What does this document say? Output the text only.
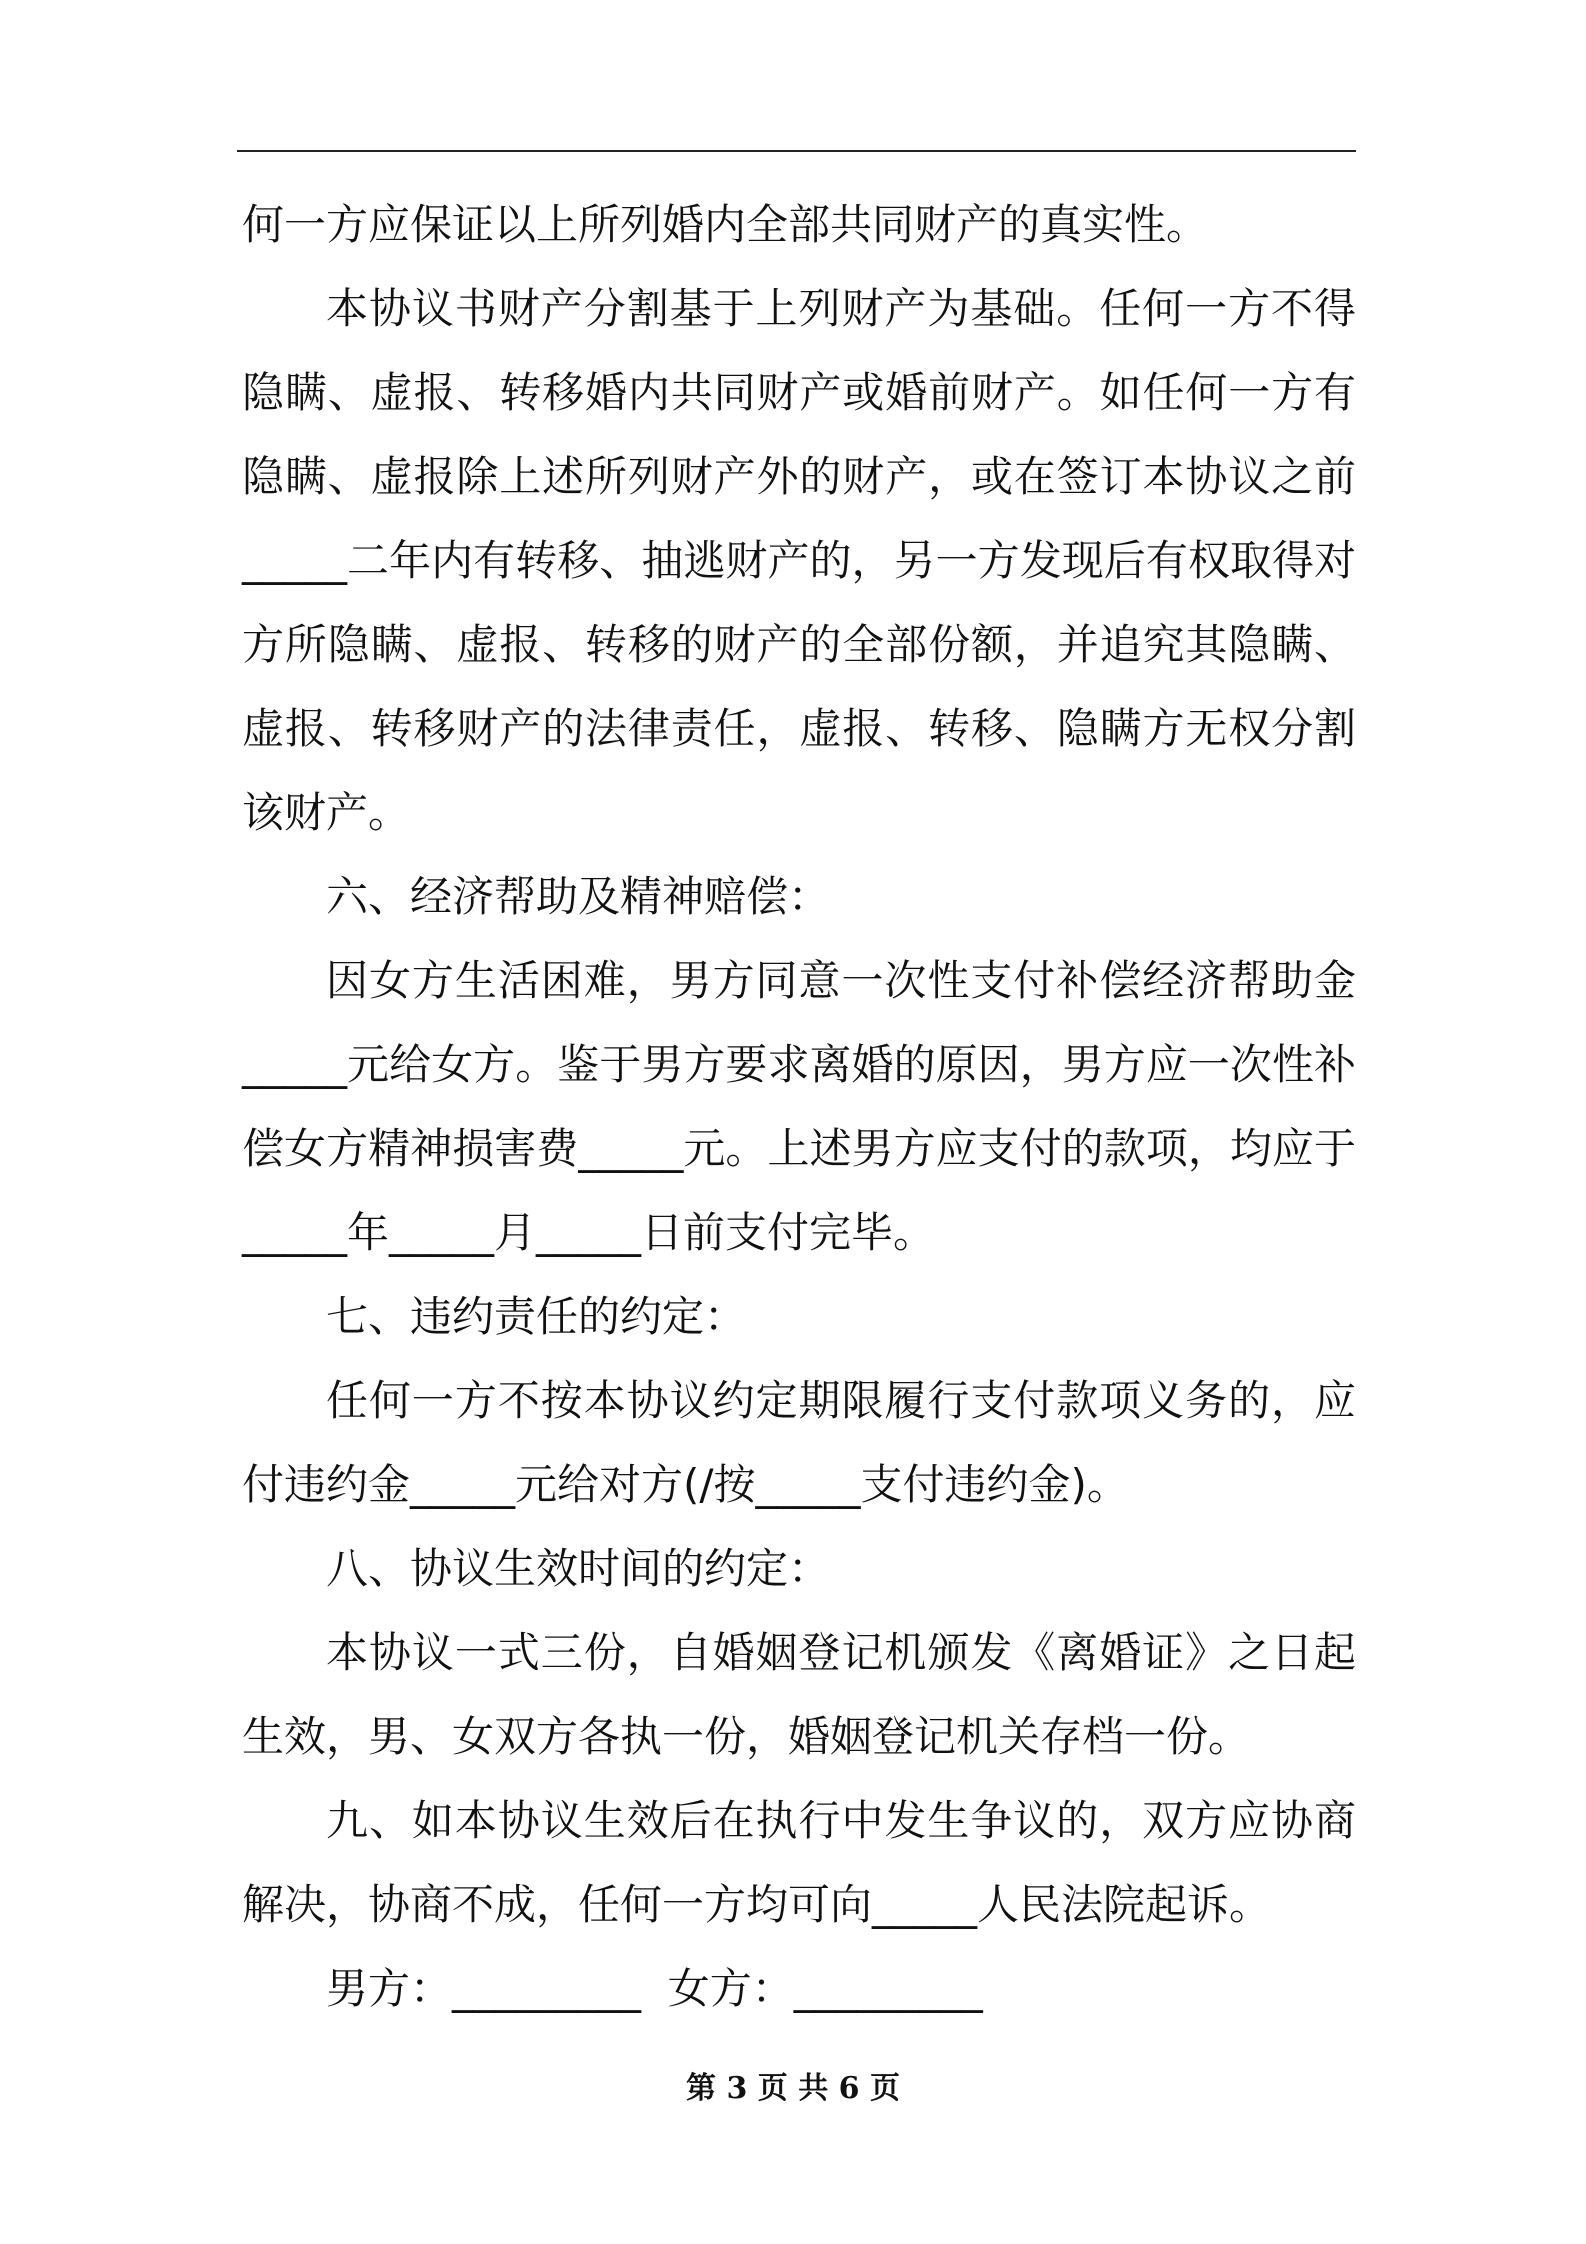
何一方应保证以上所列婚内全部共同财产的真实性。

本协议书财产分割基于上列财产为基础。任何一方不得隐瞒、虚报、转移婚内共同财产或婚前财产。如任何一方有隐瞒、虚报除上述所列财产外的财产，或在签订本协议之前_____二年内有转移、抽逃财产的，另一方发现后有权取得对方所隐瞒、虚报、转移的财产的全部份额，并追究其隐瞒、虚报、转移财产的法律责任，虚报、转移、隐瞒方无权分割该财产。

六、经济帮助及精神赔偿：

因女方生活困难，男方同意一次性支付补偿经济帮助金_____元给女方。鉴于男方要求离婚的原因，男方应一次性补偿女方精神损害费_____元。上述男方应支付的款项，均应于_____年_____月_____日前支付完毕。

七、违约责任的约定：

任何一方不按本协议约定期限履行支付款项义务的，应付违约金_____元给对方(/按_____支付违约金)。

八、协议生效时间的约定：

本协议一式三份，自婚姻登记机颁发《离婚证》之日起生效，男、女双方各执一份，婚姻登记机关存档一份。

九、如本协议生效后在执行中发生争议的，双方应协商解决，协商不成，任何一方均可向_____人民法院起诉。

男方：_________  女方：_________

第 3 页 共 6 页
